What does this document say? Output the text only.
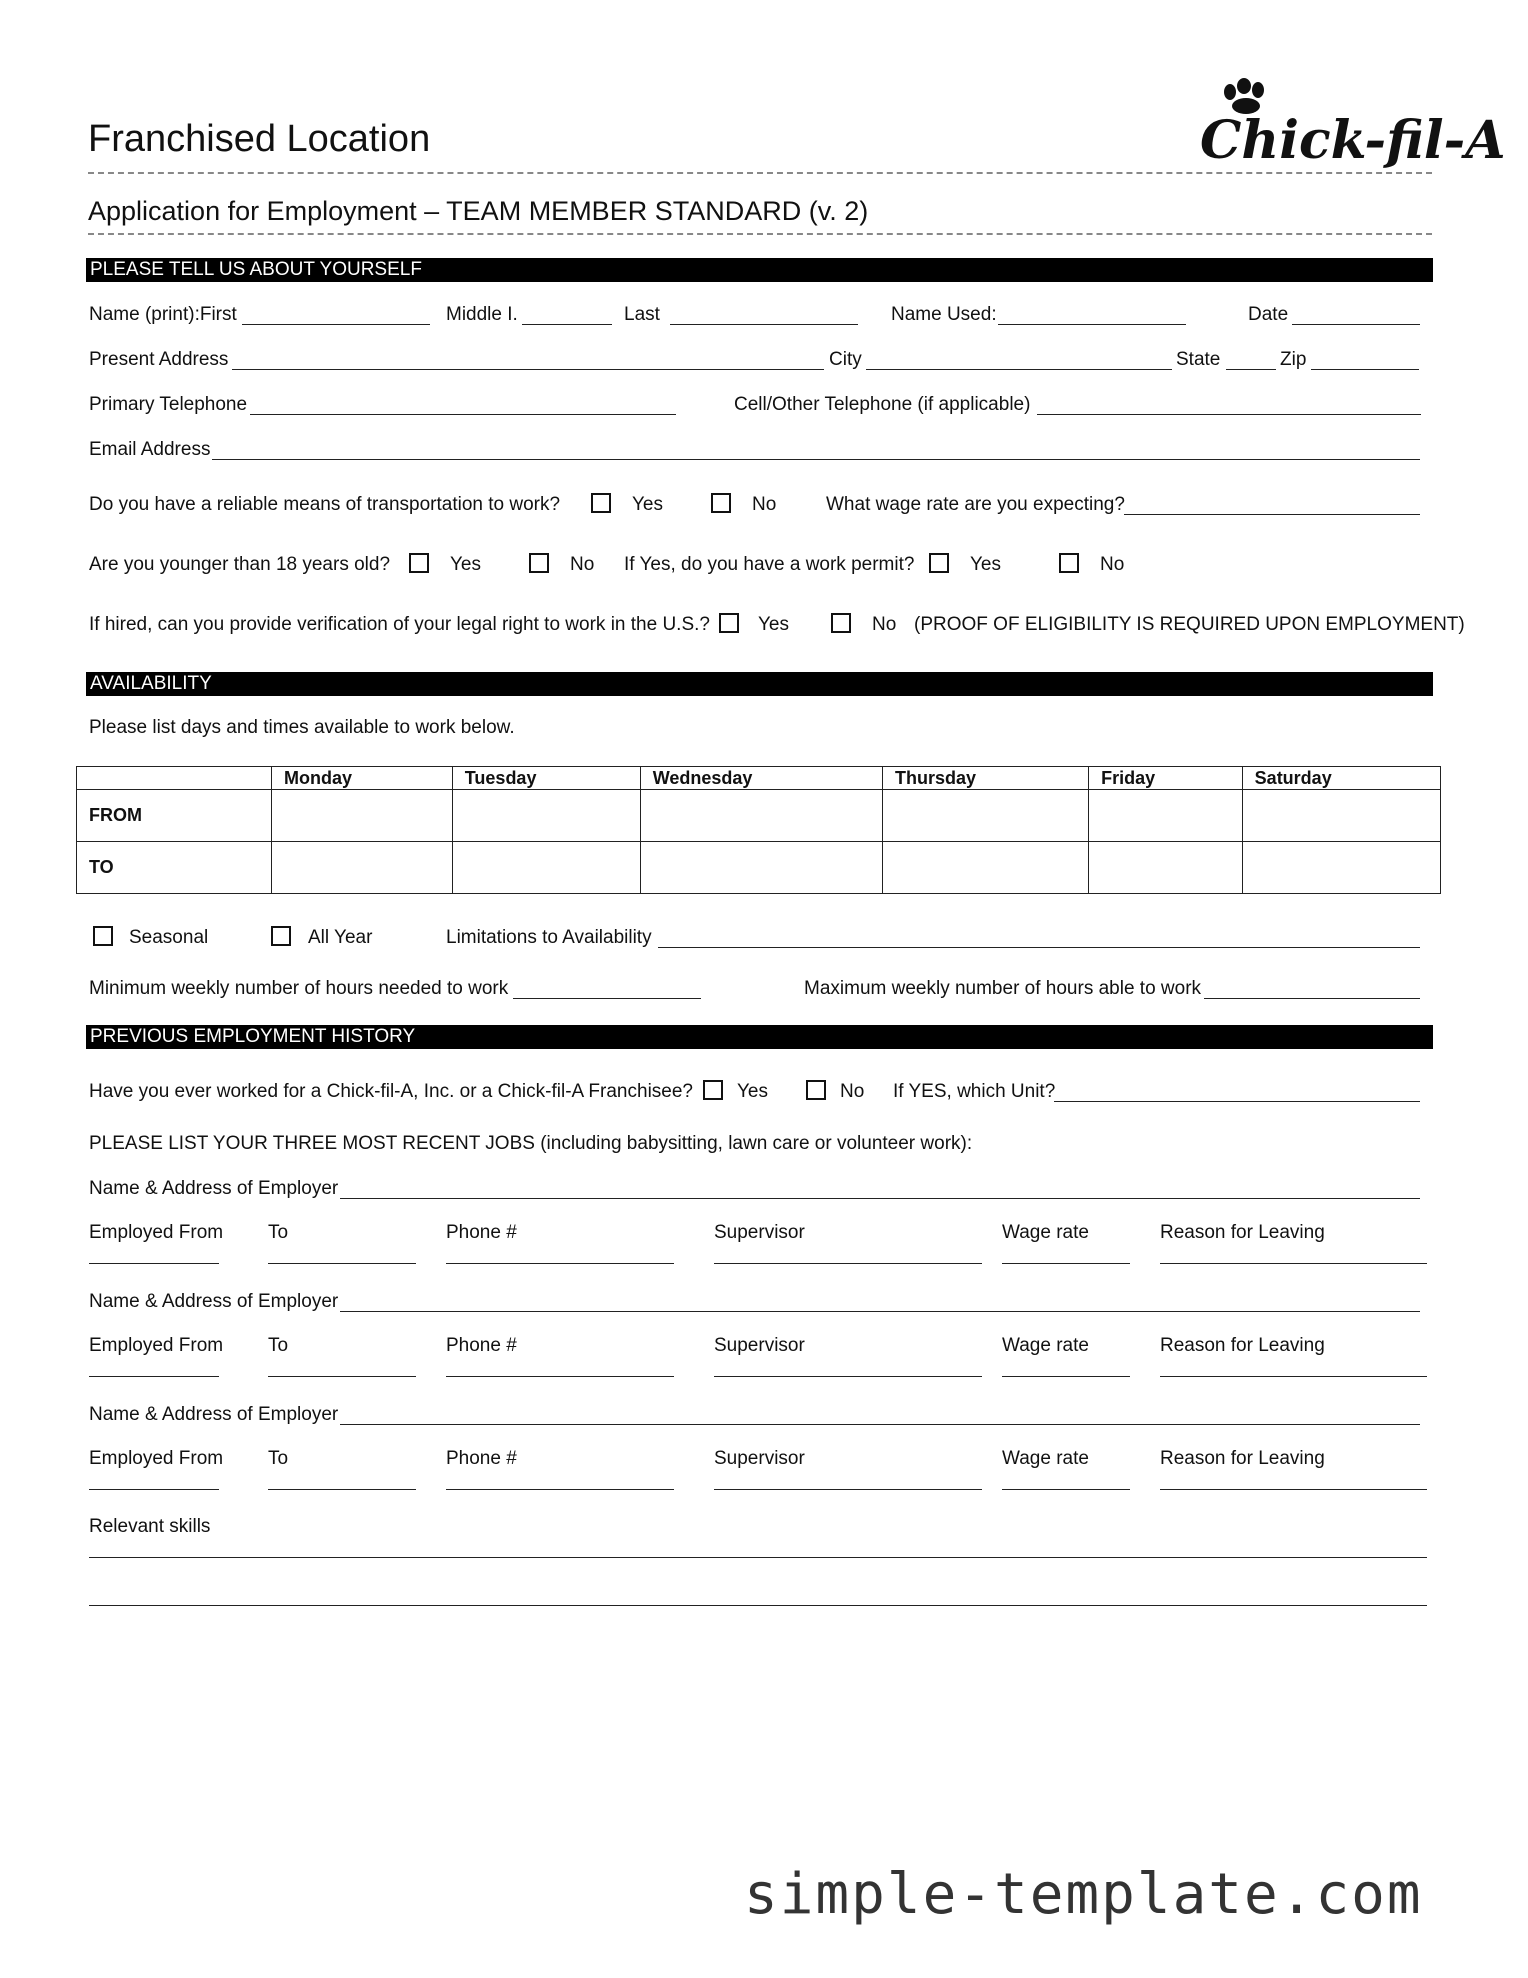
Franchised Location	Chick-fil-A
Application for Employment – TEAM MEMBER STANDARD (v. 2)
PLEASE TELL US ABOUT YOURSELF
Name (print):First	Middle I.	Last	Name Used:	Date
Present Address	City	State	Zip
Primary Telephone	Cell/Other Telephone (if applicable)
Email Address
Do you have a reliable means of transportation to work?	Yes	No	What wage rate are you expecting?
Are you younger than 18 years old?	Yes	No If Yes, do you have a work permit?	Yes	No
If hired, can you provide verification of your legal right to work in the U.S.?	Yes	No (PROOF OF ELIGIBILITY IS REQUIRED UPON EMPLOYMENT)
AVAILABILITY
Please list days and times available to work below.
	Monday	Tuesday	Wednesday	Thursday	Friday	Saturday
FROM						
TO						
Seasonal	All Year	Limitations to Availability
Minimum weekly number of hours needed to work	Maximum weekly number of hours able to work
PREVIOUS EMPLOYMENT HISTORY
Have you ever worked for a Chick-fil-A, Inc. or a Chick-fil-A Franchisee? Yes	No If YES, which Unit?
PLEASE LIST YOUR THREE MOST RECENT JOBS (including babysitting, lawn care or volunteer work):
Name & Address of Employer
Employed From To	Phone #	Supervisor	Wage rate	Reason for Leaving
Name & Address of Employer
Employed From To	Phone #	Supervisor	Wage rate	Reason for Leaving
Name & Address of Employer
Employed From To	Phone #	Supervisor	Wage rate	Reason for Leaving
Relevant skills
simple-template.com
